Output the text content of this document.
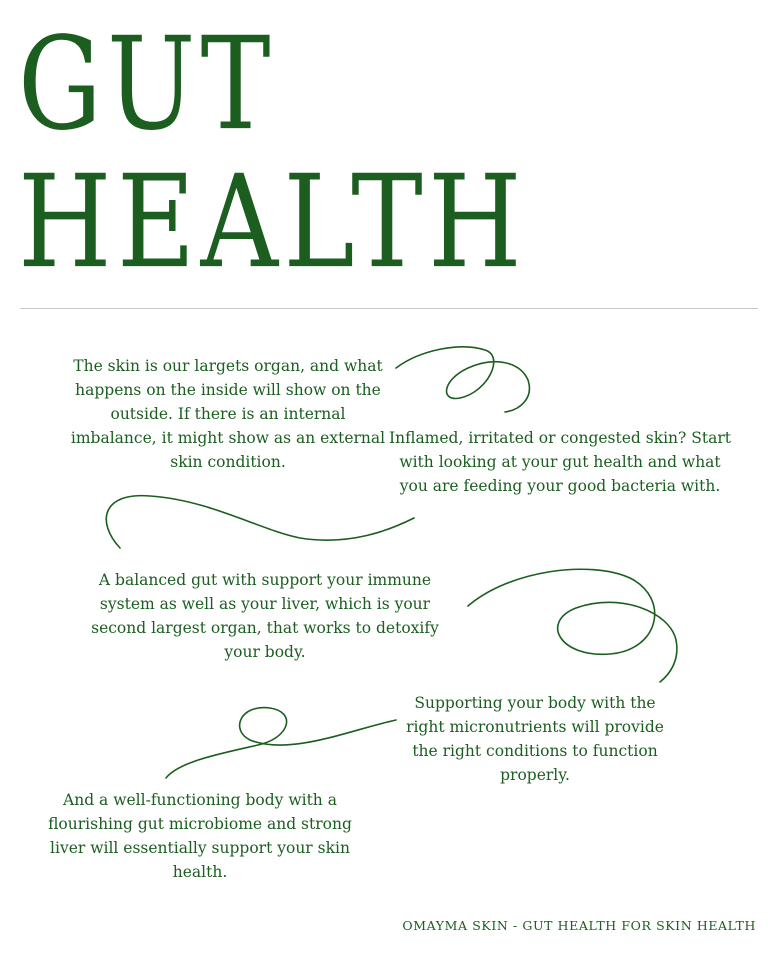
GUT
HEALTH

The skin is our largets organ, and what happens on the inside will show on the outside. If there is an internal imbalance, it might show as an external skin condition.

Inflamed, irritated or congested skin? Start with looking at your gut health and what you are feeding your good bacteria with.

A balanced gut with support your immune system as well as your liver, which is your second largest organ, that works to detoxify your body.

Supporting your body with the right micronutrients will provide the right conditions to function properly.

And a well-functioning body with a flourishing gut microbiome and strong liver will essentially support your skin health.

OMAYMA SKIN - GUT HEALTH FOR SKIN HEALTH
